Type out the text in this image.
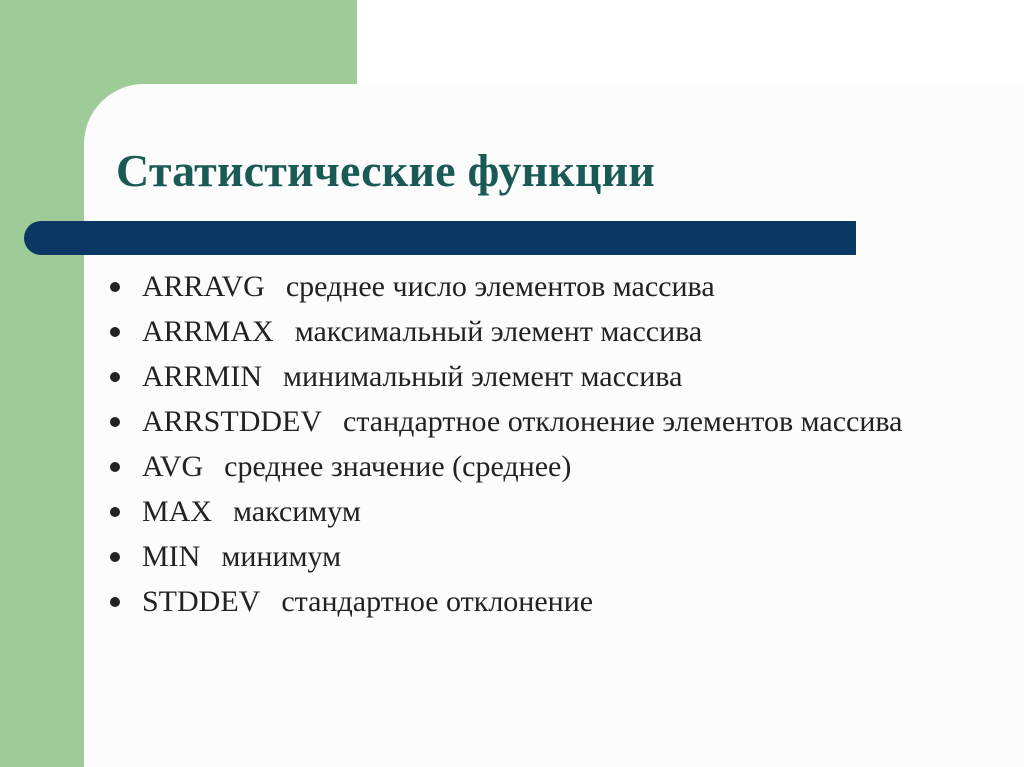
Статистические функции
ARRAVG среднее число элементов массива
ARRMAX максимальный элемент массива
ARRMIN минимальный элемент массива
ARRSTDDEV стандартное отклонение элементов массива
AVG среднее значение (среднее)
MAX максимум
MIN минимум
STDDEV стандартное отклонение
